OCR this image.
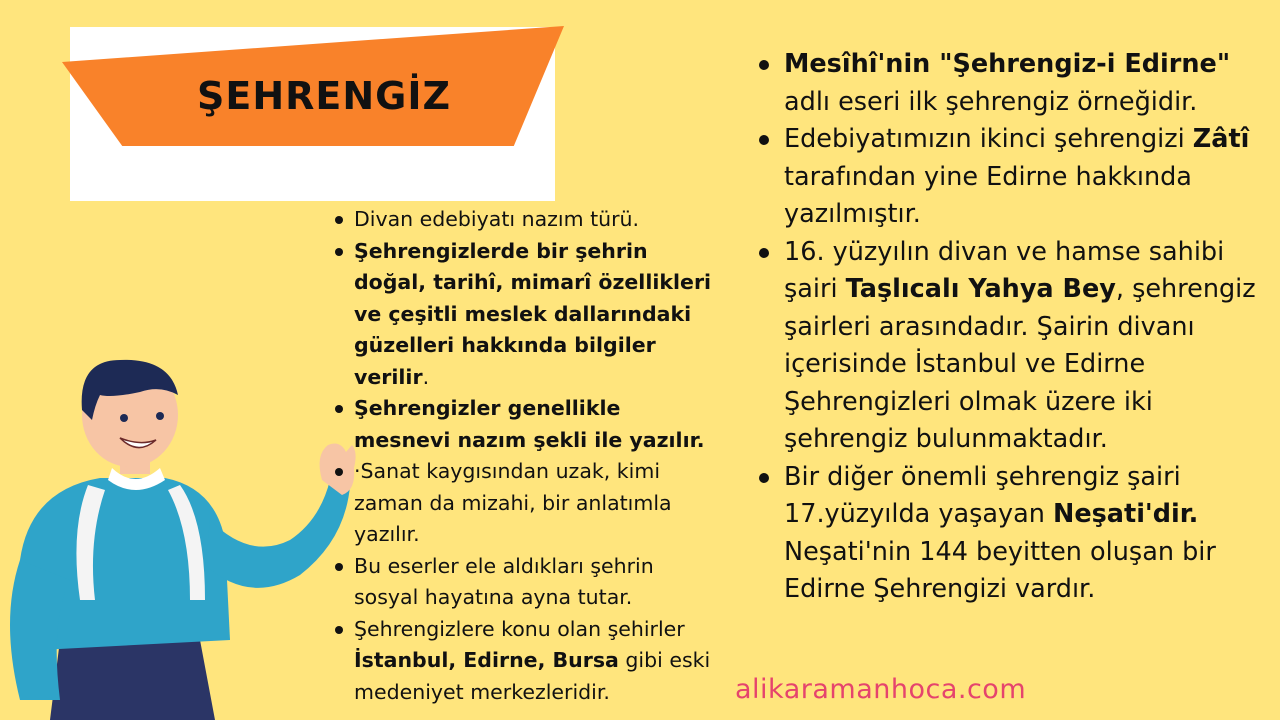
ŞEHRENGİZ
Divan edebiyatı nazım türü.
Şehrengizlerde bir şehrin doğal, tarihî, mimarî özellikleri ve çeşitli meslek dallarındaki güzelleri hakkında bilgiler verilir.
Şehrengizler genellikle mesnevi nazım şekli ile yazılır.
·Sanat kaygısından uzak, kimi zaman da mizahi, bir anlatımla yazılır.
Bu eserler ele aldıkları şehrin sosyal hayatına ayna tutar.
Şehrengizlere konu olan şehirler İstanbul, Edirne, Bursa gibi eski medeniyet merkezleridir.
Mesîhî'nin "Şehrengiz-i Edirne" adlı eseri ilk şehrengiz örneğidir.
Edebiyatımızın ikinci şehrengizi Zâtî tarafından yine Edirne hakkında yazılmıştır.
16. yüzyılın divan ve hamse sahibi şairi Taşlıcalı Yahya Bey, şehrengiz şairleri arasındadır. Şairin divanı içerisinde İstanbul ve Edirne Şehrengizleri olmak üzere iki şehrengiz bulunmaktadır.
Bir diğer önemli şehrengiz şairi 17.yüzyılda yaşayan Neşati'dir. Neşati'nin 144 beyitten oluşan bir Edirne Şehrengizi vardır.
alikaramanhoca.com
